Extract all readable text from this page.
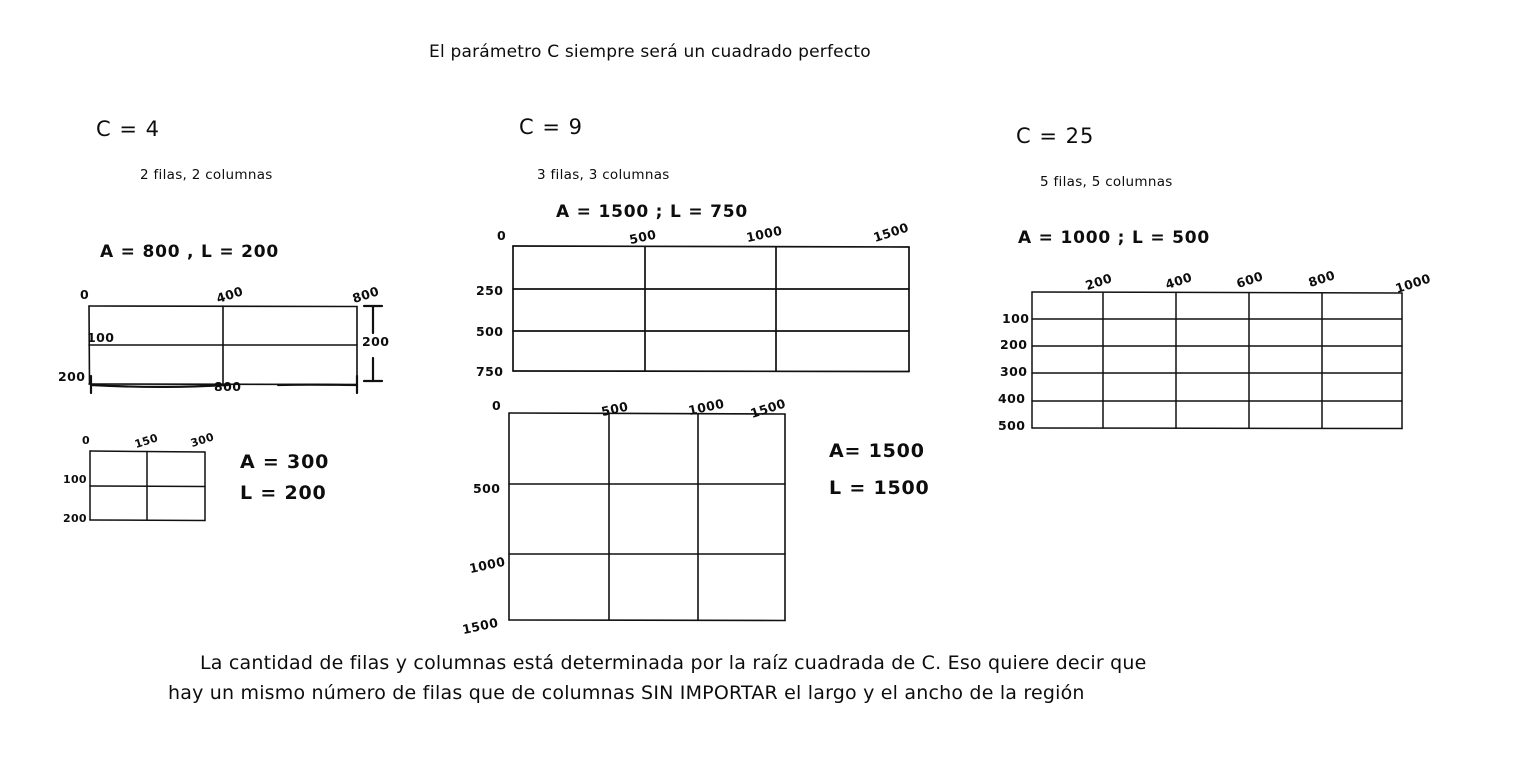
El parámetro C siempre será un cuadrado perfecto
C = 4
2 filas, 2 columnas
A = 800 , L = 200
0	400	800
100
200
800
200
0	150	300
100
200
A = 300
L = 200
C = 9
3 filas, 3 columnas
A = 1500 ; L = 750
0	500	1000	1500
250
500
750
0	500	1000 1500
500
1000
1500
A= 1500
L = 1500
C = 25
5 filas, 5 columnas
A = 1000 ; L = 500
200	400	600	800	1000
100
200
300
400
500
La cantidad de filas y columnas está determinada por la raíz cuadrada de C. Eso quiere decir que
hay un mismo número de filas que de columnas SIN IMPORTAR el largo y el ancho de la región
